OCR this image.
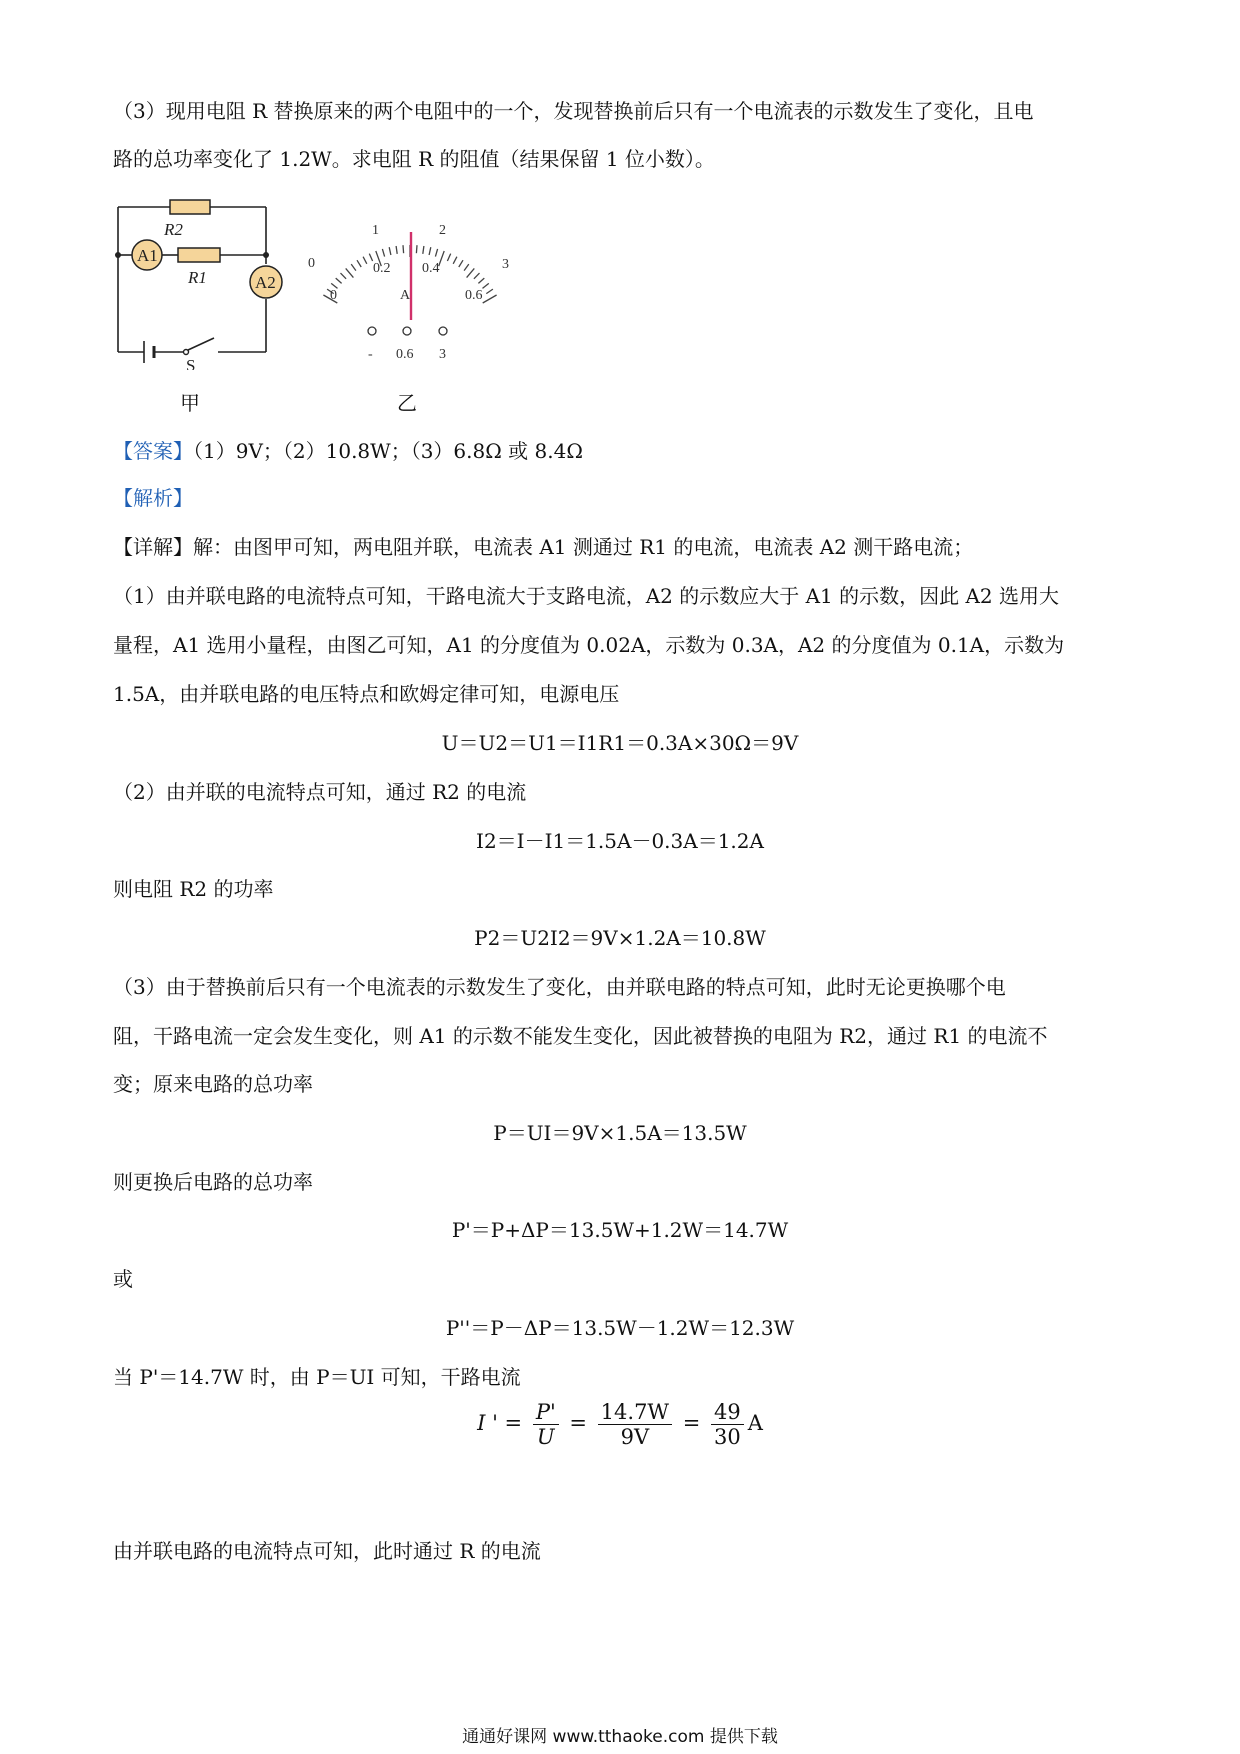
（3）现用电阻 R 替换原来的两个电阻中的一个，发现替换前后只有一个电流表的示数发生了变化，且电
路的总功率变化了 1.2W。求电阻 R 的阻值（结果保留 1 位小数）。
A1
A2
R2
R1
S
甲
0
1	2
3
0
0.2 0.4
0.6
A
- 0.6 3
乙
【答案】（1）9V；（2）10.8W；（3）6.8Ω 或 8.4Ω
【解析】
【详解】解：由图甲可知，两电阻并联，电流表 A1 测通过 R1 的电流，电流表 A2 测干路电流；
（1）由并联电路的电流特点可知，干路电流大于支路电流，A2 的示数应大于 A1 的示数，因此 A2 选用大
量程，A1 选用小量程，由图乙可知，A1 的分度值为 0.02A，示数为 0.3A，A2 的分度值为 0.1A，示数为
1.5A，由并联电路的电压特点和欧姆定律可知，电源电压
U＝U2＝U1＝I1R1＝0.3A×30Ω＝9V
（2）由并联的电流特点可知，通过 R2 的电流
I2＝I－I1＝1.5A－0.3A＝1.2A
则电阻 R2 的功率
P2＝U2I2＝9V×1.2A＝10.8W
（3）由于替换前后只有一个电流表的示数发生了变化，由并联电路的特点可知，此时无论更换哪个电
阻，干路电流一定会发生变化，则 A1 的示数不能发生变化，因此被替换的电阻为 R2，通过 R1 的电流不
变；原来电路的总功率
P＝UI＝9V×1.5A＝13.5W
则更换后电路的总功率
P'＝P+ΔP＝13.5W+1.2W＝14.7W
或
P''＝P－ΔP＝13.5W－1.2W＝12.3W
当 P'＝14.7W 时，由 P＝UI 可知，干路电流
I ' = $\frac{P'}{U} = \frac{14.7W}{9V} = \frac{49}{30}$ A
由并联电路的电流特点可知，此时通过 R 的电流
通通好课网 www.tthaoke.com 提供下载
